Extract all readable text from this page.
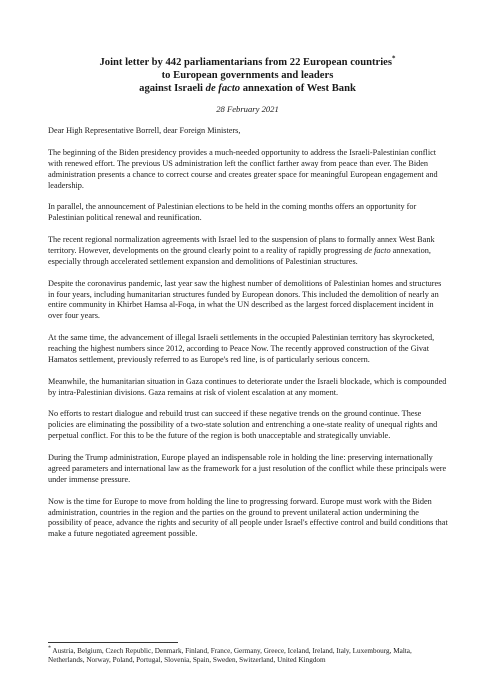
Joint letter by 442 parliamentarians from 22 European countries*
to European governments and leaders
against Israeli de facto annexation of West Bank
28 February 2021

Dear High Representative Borrell, dear Foreign Ministers,

The beginning of the Biden presidency provides a much-needed opportunity to address the Israeli-Palestinian conflict with renewed effort. The previous US administration left the conflict farther away from peace than ever. The Biden administration presents a chance to correct course and creates greater space for meaningful European engagement and leadership.

In parallel, the announcement of Palestinian elections to be held in the coming months offers an opportunity for Palestinian political renewal and reunification.

The recent regional normalization agreements with Israel led to the suspension of plans to formally annex West Bank territory. However, developments on the ground clearly point to a reality of rapidly progressing de facto annexation, especially through accelerated settlement expansion and demolitions of Palestinian structures.

Despite the coronavirus pandemic, last year saw the highest number of demolitions of Palestinian homes and structures in four years, including humanitarian structures funded by European donors. This included the demolition of nearly an entire community in Khirbet Hamsa al-Foqa, in what the UN described as the largest forced displacement incident in over four years.

At the same time, the advancement of illegal Israeli settlements in the occupied Palestinian territory has skyrocketed, reaching the highest numbers since 2012, according to Peace Now. The recently approved construction of the Givat Hamatos settlement, previously referred to as Europe's red line, is of particularly serious concern.

Meanwhile, the humanitarian situation in Gaza continues to deteriorate under the Israeli blockade, which is compounded by intra-Palestinian divisions. Gaza remains at risk of violent escalation at any moment.

No efforts to restart dialogue and rebuild trust can succeed if these negative trends on the ground continue. These policies are eliminating the possibility of a two-state solution and entrenching a one-state reality of unequal rights and perpetual conflict. For this to be the future of the region is both unacceptable and strategically unviable.

During the Trump administration, Europe played an indispensable role in holding the line: preserving internationally agreed parameters and international law as the framework for a just resolution of the conflict while these principals were under immense pressure.

Now is the time for Europe to move from holding the line to progressing forward. Europe must work with the Biden administration, countries in the region and the parties on the ground to prevent unilateral action undermining the possibility of peace, advance the rights and security of all people under Israel's effective control and build conditions that make a future negotiated agreement possible.

* Austria, Belgium, Czech Republic, Denmark, Finland, France, Germany, Greece, Iceland, Ireland, Italy, Luxembourg, Malta, Netherlands, Norway, Poland, Portugal, Slovenia, Spain, Sweden, Switzerland, United Kingdom
